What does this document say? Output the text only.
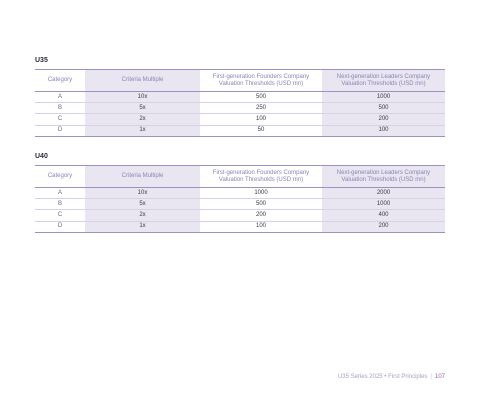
U35
Category	Criteria Multiple	First-generation Founders Company Valuation Thresholds (USD mn)	Next-generation Leaders Company Valuation Thresholds (USD mn)
A	10x	500	1000
B	5x	250	500
C	2x	100	200
D	1x	50	100
U40
Category	Criteria Multiple	First-generation Founders Company Valuation Thresholds (USD mn)	Next-generation Leaders Company Valuation Thresholds (USD mn)
A	10x	1000	2000
B	5x	500	1000
C	2x	200	400
D	1x	100	200
U35 Series 2025 • First Principles | 107
